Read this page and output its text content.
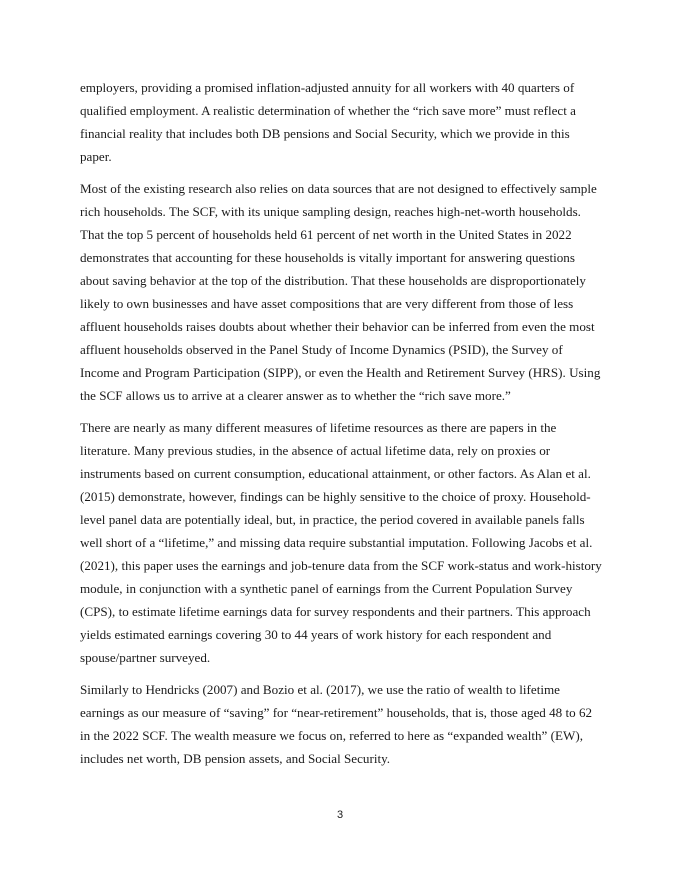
employers, providing a promised inflation-adjusted annuity for all workers with 40 quarters of qualified employment. A realistic determination of whether the “rich save more” must reflect a financial reality that includes both DB pensions and Social Security, which we provide in this paper.

Most of the existing research also relies on data sources that are not designed to effectively sample rich households. The SCF, with its unique sampling design, reaches high-net-worth households. That the top 5 percent of households held 61 percent of net worth in the United States in 2022 demonstrates that accounting for these households is vitally important for answering questions about saving behavior at the top of the distribution. That these households are disproportionately likely to own businesses and have asset compositions that are very different from those of less affluent households raises doubts about whether their behavior can be inferred from even the most affluent households observed in the Panel Study of Income Dynamics (PSID), the Survey of Income and Program Participation (SIPP), or even the Health and Retirement Survey (HRS). Using the SCF allows us to arrive at a clearer answer as to whether the “rich save more.”

There are nearly as many different measures of lifetime resources as there are papers in the literature. Many previous studies, in the absence of actual lifetime data, rely on proxies or instruments based on current consumption, educational attainment, or other factors. As Alan et al. (2015) demonstrate, however, findings can be highly sensitive to the choice of proxy. Household-level panel data are potentially ideal, but, in practice, the period covered in available panels falls well short of a “lifetime,” and missing data require substantial imputation. Following Jacobs et al. (2021), this paper uses the earnings and job-tenure data from the SCF work-status and work-history module, in conjunction with a synthetic panel of earnings from the Current Population Survey (CPS), to estimate lifetime earnings data for survey respondents and their partners. This approach yields estimated earnings covering 30 to 44 years of work history for each respondent and spouse/partner surveyed.

Similarly to Hendricks (2007) and Bozio et al. (2017), we use the ratio of wealth to lifetime earnings as our measure of “saving” for “near-retirement” households, that is, those aged 48 to 62 in the 2022 SCF. The wealth measure we focus on, referred to here as “expanded wealth” (EW), includes net worth, DB pension assets, and Social Security.

3
